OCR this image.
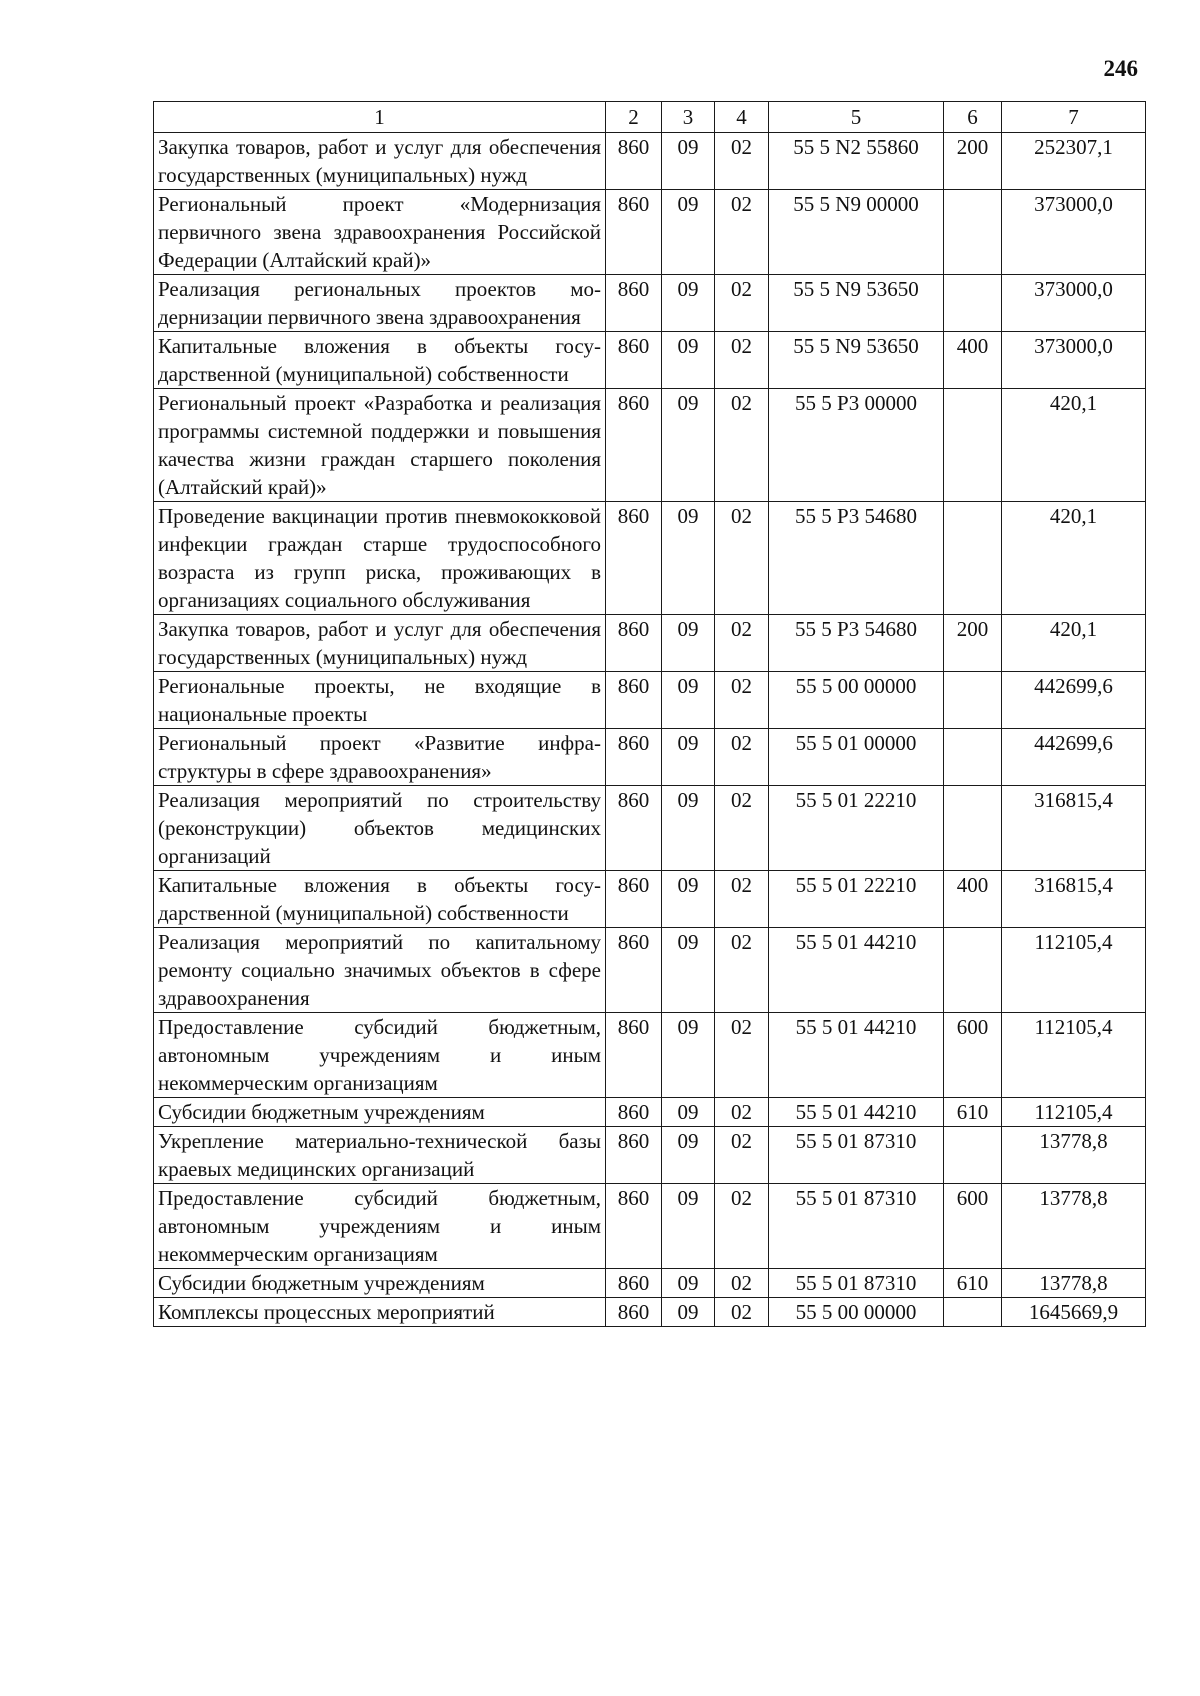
246
1	2	3	4	5	6	7
Закупка товаров, работ и услуг для обеспечения государственных (муниципальных) нужд	860	09	02	55 5 N2 55860	200	252307,1
Региональный проект «Модернизация первичного звена здравоохранения Российской Федерации (Алтайский край)»	860	09	02	55 5 N9 00000		373000,0
Реализация региональных проектов модернизации первичного звена здравоохранения	860	09	02	55 5 N9 53650		373000,0
Капитальные вложения в объекты государственной (муниципальной) собственности	860	09	02	55 5 N9 53650	400	373000,0
Региональный проект «Разработка и реализация программы системной поддержки и повышения качества жизни граждан старшего поколения (Алтайский край)»	860	09	02	55 5 P3 00000		420,1
Проведение вакцинации против пневмококковой инфекции граждан старше трудоспособного возраста из групп риска, проживающих в организациях социального обслуживания	860	09	02	55 5 P3 54680		420,1
Закупка товаров, работ и услуг для обеспечения государственных (муниципальных) нужд	860	09	02	55 5 P3 54680	200	420,1
Региональные проекты, не входящие в национальные проекты	860	09	02	55 5 00 00000		442699,6
Региональный проект «Развитие инфраструктуры в сфере здравоохранения»	860	09	02	55 5 01 00000		442699,6
Реализация мероприятий по строительству (реконструкции) объектов медицинских организаций	860	09	02	55 5 01 22210		316815,4
Капитальные вложения в объекты государственной (муниципальной) собственности	860	09	02	55 5 01 22210	400	316815,4
Реализация мероприятий по капитальному ремонту социально значимых объектов в сфере здравоохранения	860	09	02	55 5 01 44210		112105,4
Предоставление субсидий бюджетным, автономным учреждениям и иным некоммерческим организациям	860	09	02	55 5 01 44210	600	112105,4
Субсидии бюджетным учреждениям	860	09	02	55 5 01 44210	610	112105,4
Укрепление материально-технической базы краевых медицинских организаций	860	09	02	55 5 01 87310		13778,8
Предоставление субсидий бюджетным, автономным учреждениям и иным некоммерческим организациям	860	09	02	55 5 01 87310	600	13778,8
Субсидии бюджетным учреждениям	860	09	02	55 5 01 87310	610	13778,8
Комплексы процессных мероприятий	860	09	02	55 5 00 00000		1645669,9
